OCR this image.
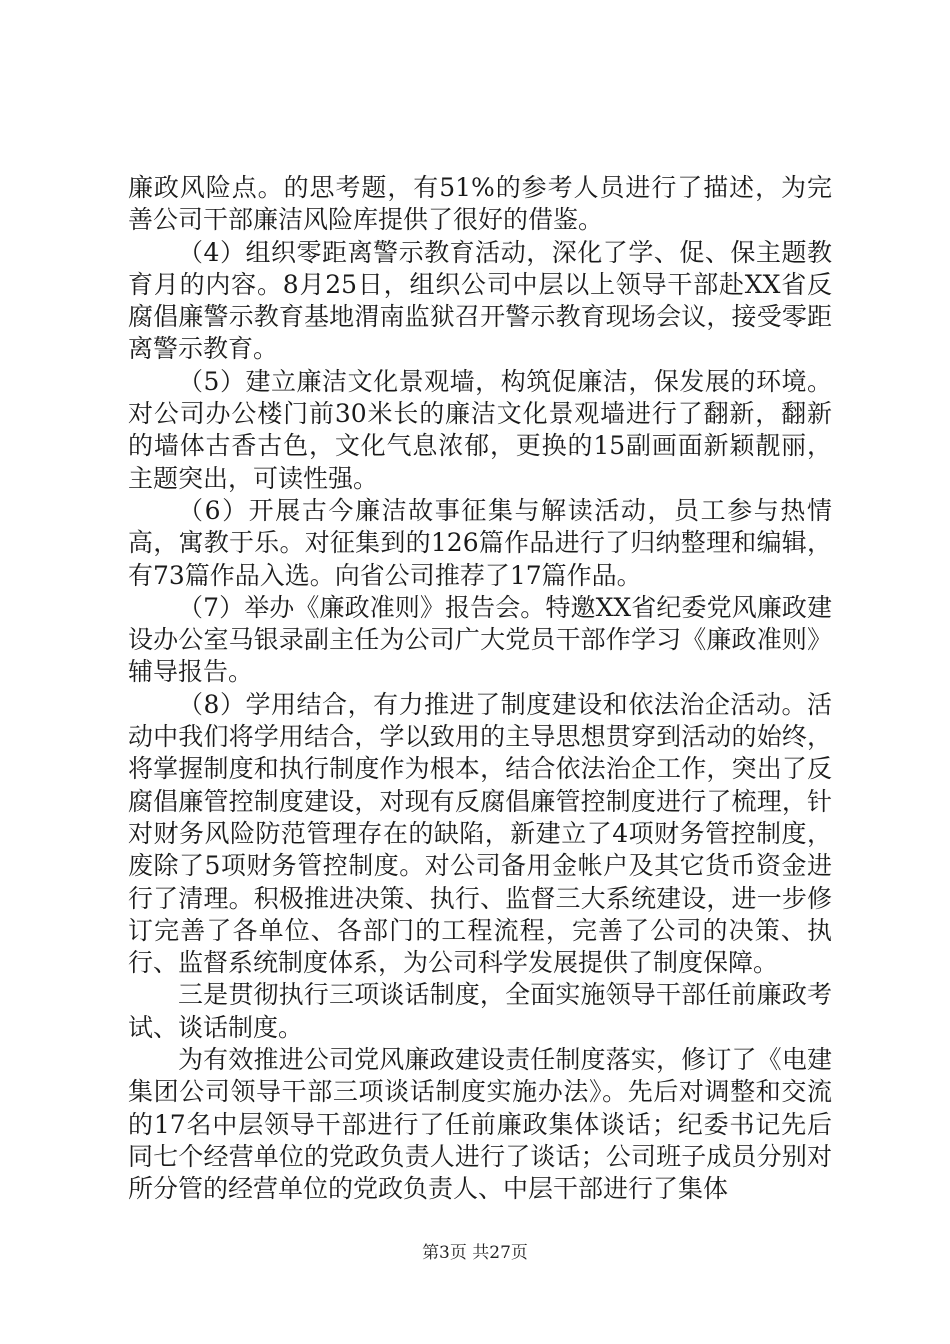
廉政风险点。的思考题，有51%的参考人员进行了描述，为完善公司干部廉洁风险库提供了很好的借鉴。

（4）组织零距离警示教育活动，深化了学、促、保主题教育月的内容。8月25日，组织公司中层以上领导干部赴XX省反腐倡廉警示教育基地渭南监狱召开警示教育现场会议，接受零距离警示教育。

（5）建立廉洁文化景观墙，构筑促廉洁，保发展的环境。对公司办公楼门前30米长的廉洁文化景观墙进行了翻新，翻新的墙体古香古色，文化气息浓郁，更换的15副画面新颖靓丽，主题突出，可读性强。

（6）开展古今廉洁故事征集与解读活动，员工参与热情高，寓教于乐。对征集到的126篇作品进行了归纳整理和编辑，有73篇作品入选。向省公司推荐了17篇作品。

（7）举办《廉政准则》报告会。特邀XX省纪委党风廉政建设办公室马银录副主任为公司广大党员干部作学习《廉政准则》辅导报告。

（8）学用结合，有力推进了制度建设和依法治企活动。活动中我们将学用结合，学以致用的主导思想贯穿到活动的始终，将掌握制度和执行制度作为根本，结合依法治企工作，突出了反腐倡廉管控制度建设，对现有反腐倡廉管控制度进行了梳理，针对财务风险防范管理存在的缺陷，新建立了4项财务管控制度，废除了5项财务管控制度。对公司备用金帐户及其它货币资金进行了清理。积极推进决策、执行、监督三大系统建设，进一步修订完善了各单位、各部门的工程流程，完善了公司的决策、执行、监督系统制度体系，为公司科学发展提供了制度保障。

三是贯彻执行三项谈话制度，全面实施领导干部任前廉政考试、谈话制度。

为有效推进公司党风廉政建设责任制度落实，修订了《电建集团公司领导干部三项谈话制度实施办法》。先后对调整和交流的17名中层领导干部进行了任前廉政集体谈话；纪委书记先后同七个经营单位的党政负责人进行了谈话；公司班子成员分别对所分管的经营单位的党政负责人、中层干部进行了集体

第3页 共27页
